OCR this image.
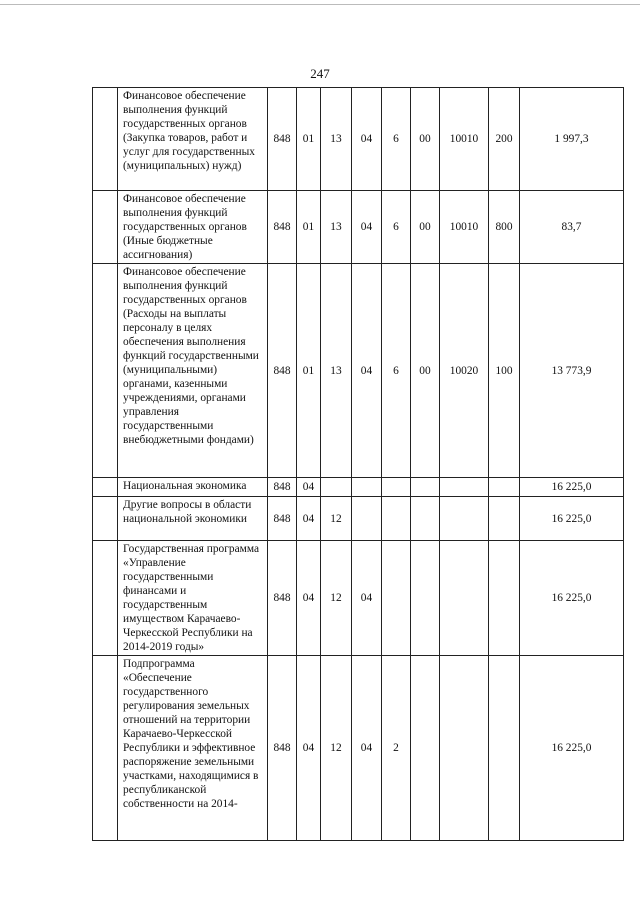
247
	Финансовое обеспечение выполнения функций государственных органов (Закупка товаров, работ и услуг для государственных (муниципальных) нужд)	848	01	13	04	6	00	10010	200	1 997,3
	Финансовое обеспечение выполнения функций государственных органов (Иные бюджетные ассигнования)	848	01	13	04	6	00	10010	800	83,7
	Финансовое обеспечение выполнения функций государственных органов (Расходы на выплаты персоналу в целях обеспечения выполнения функций государственными (муниципальными) органами, казенными учреждениями, органами управления государственными внебюджетными фондами)	848	01	13	04	6	00	10020	100	13 773,9
	Национальная экономика	848	04							16 225,0
	Другие вопросы в области национальной экономики	848	04	12						16 225,0
	Государственная программа «Управление государственными финансами и государственным имуществом Карачаево-Черкесской Республики на 2014-2019 годы»	848	04	12	04					16 225,0
	Подпрограмма «Обеспечение государственного регулирования земельных отношений на территории Карачаево-Черкесской Республики и эффективное распоряжение земельными участками, находящимися в республиканской собственности на 2014-	848	04	12	04	2				16 225,0
